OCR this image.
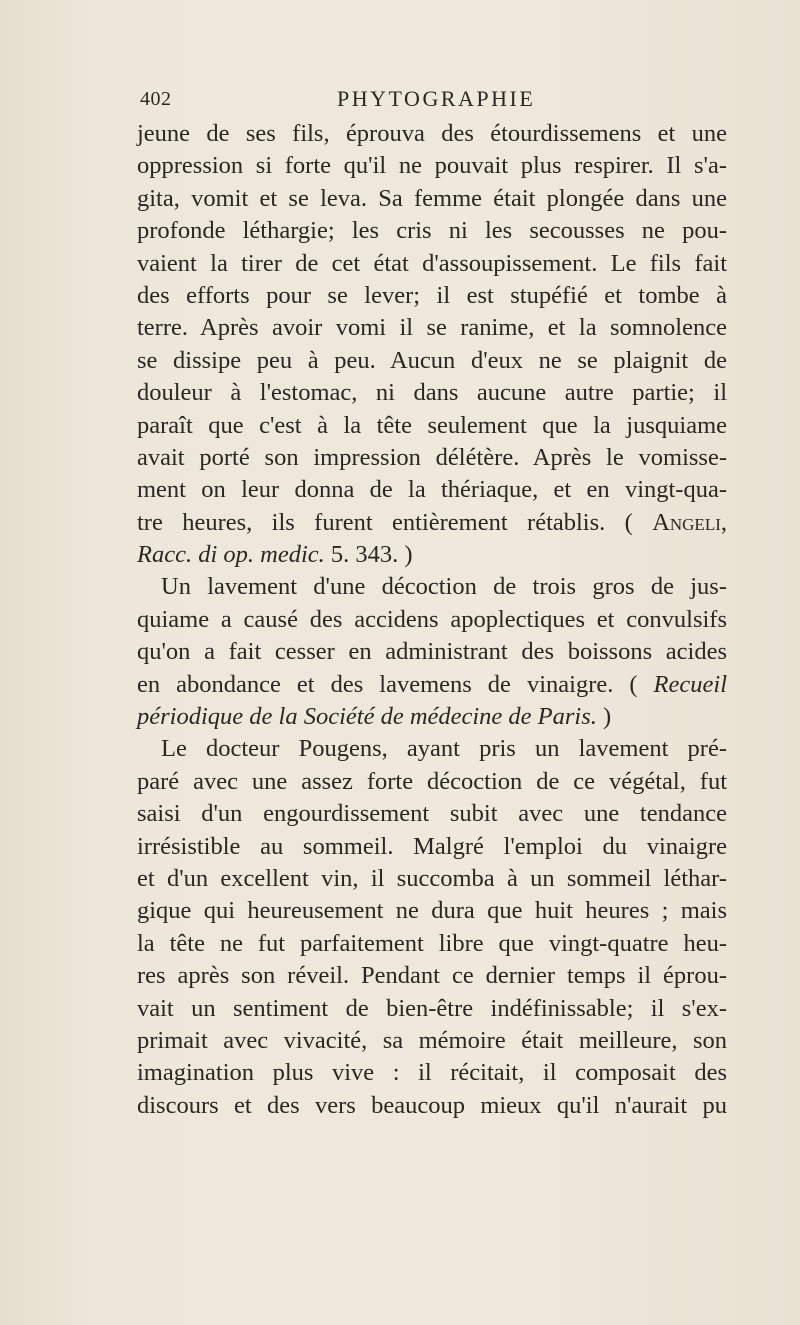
402	PHYTOGRAPHIE
jeune de ses fils, éprouva des étourdissemens et une
oppression si forte qu'il ne pouvait plus respirer. Il s'a-
gita, vomit et se leva. Sa femme était plongée dans une
profonde léthargie; les cris ni les secousses ne pou-
vaient la tirer de cet état d'assoupissement. Le fils fait
des efforts pour se lever; il est stupéfié et tombe à
terre. Après avoir vomi il se ranime, et la somnolence
se dissipe peu à peu. Aucun d'eux ne se plaignit de
douleur à l'estomac, ni dans aucune autre partie; il
paraît que c'est à la tête seulement que la jusquiame
avait porté son impression délétère. Après le vomisse-
ment on leur donna de la thériaque, et en vingt-qua-
tre heures, ils furent entièrement rétablis. ( Angeli,
Racc. di op. medic. 5. 343. )
Un lavement d'une décoction de trois gros de jus-
quiame a causé des accidens apoplectiques et convulsifs
qu'on a fait cesser en administrant des boissons acides
en abondance et des lavemens de vinaigre. ( Recueil
périodique de la Société de médecine de Paris. )
Le docteur Pougens, ayant pris un lavement pré-
paré avec une assez forte décoction de ce végétal, fut
saisi d'un engourdissement subit avec une tendance
irrésistible au sommeil. Malgré l'emploi du vinaigre
et d'un excellent vin, il succomba à un sommeil léthar-
gique qui heureusement ne dura que huit heures ; mais
la tête ne fut parfaitement libre que vingt-quatre heu-
res après son réveil. Pendant ce dernier temps il éprou-
vait un sentiment de bien-être indéfinissable; il s'ex-
primait avec vivacité, sa mémoire était meilleure, son
imagination plus vive : il récitait, il composait des
discours et des vers beaucoup mieux qu'il n'aurait pu
